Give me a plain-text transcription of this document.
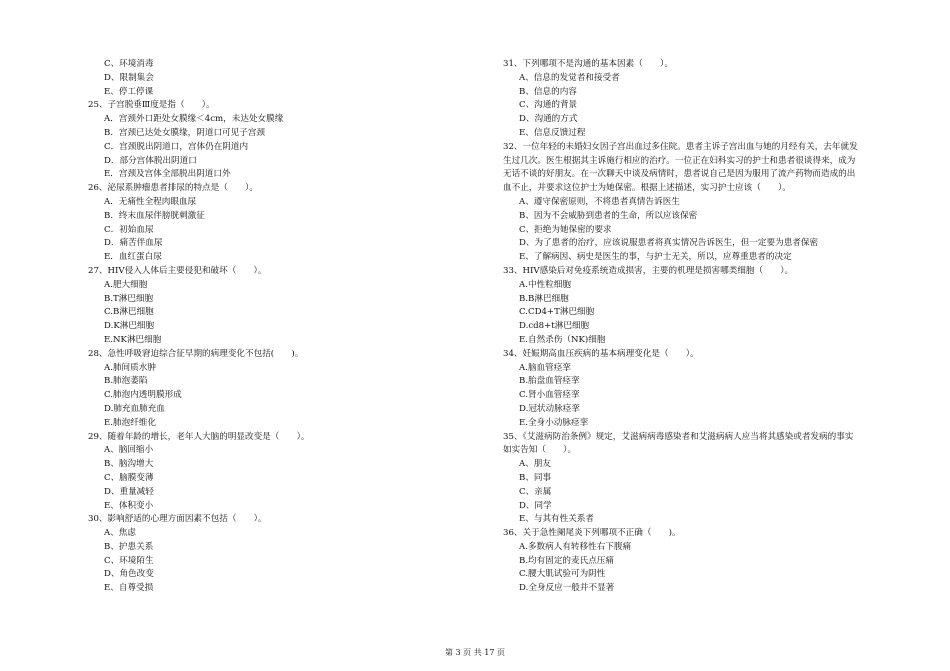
C、环境消毒
D、限制集会
E、停工停课
25、子宫脱垂Ⅲ度是指（　　）。
A．宫颈外口距处女膜缘＜4cm，未达处女膜缘
B．宫颈已达处女膜缘，阴道口可见子宫颈
C．宫颈脱出阴道口，宫体仍在阴道内
D．部分宫体脱出阴道口
E．宫颈及宫体全部脱出阴道口外
26、泌尿系肿瘤患者排尿的特点是（　　）。
A．无痛性全程肉眼血尿
B．终末血尿伴膀胱刺激征
C．初始血尿
D．痛苦伴血尿
E．血红蛋白尿
27、HIV侵入人体后主要侵犯和破坏（　　）。
A.肥大细胞
B.T淋巴细胞
C.B淋巴细胞
D.K淋巴细胞
E.NK淋巴细胞
28、急性呼吸窘迫综合征早期的病理变化不包括(　　)。
A.肺间质水肿
B.肺泡萎陷
C.肺泡内透明膜形成
D.肺充血肺充血
E.肺泡纤维化
29、随着年龄的增长，老年人大脑的明显改变是（　　）。
A、脑回缩小
B、脑沟增大
C、脑膜变薄
D、重量减轻
E、体积变小
30、影响舒适的心理方面因素不包括（　　）。
A、焦虑
B、护患关系
C、环境陌生
D、角色改变
E、自尊受损
31、下列哪项不是沟通的基本因素（　　）。
A、信息的发觉者和接受者
B、信息的内容
C、沟通的背景
D、沟通的方式
E、信息反馈过程
32、一位年轻的未婚妇女因子宫出血过多住院。患者主诉子宫出血与她的月经有关，去年就发
生过几次。医生根据其主诉施行相应的治疗。一位正在妇科实习的护士和患者很谈得来，成为
无话不谈的好朋友。在一次聊天中谈及病情时，患者说自己是因为服用了流产药物而造成的出
血不止，并要求这位护士为她保密。根据上述描述，实习护士应该（　　）。
A、遵守保密原则，不将患者真情告诉医生
B、因为不会威胁到患者的生命，所以应该保密
C、拒绝为她保密的要求
D、为了患者的治疗，应该说服患者将真实情况告诉医生，但一定要为患者保密
E、了解病因、病史是医生的事，与护士无关，所以，应尊重患者的决定
33、HIV感染后对免疫系统造成损害，主要的机理是损害哪类细胞（　　）。
A.中性粒细胞
B.B淋巴细胞
C.CD4+T淋巴细胞
D.cd8+t淋巴细胞
E.自然杀伤（NK)细胞
34、妊娠期高血压疾病的基本病理变化是（　　）。
A.脑血管痉挛
B.胎盘血管痉挛
C.肾小血管痉挛
D.冠状动脉痉挛
E.全身小动脉痉挛
35、《艾滋病防治条例》规定，艾滋病病毒感染者和艾滋病病人应当将其感染或者发病的事实
如实告知（　　）。
A、朋友
B、同事
C、亲属
D、同学
E、与其有性关系者
36、关于急性阑尾炎下列哪项不正确（　　)。
A.多数病人有转移性右下腹痛
B.均有固定的麦氏点压痛
C.腰大肌试验可为阴性
D.全身反应一般并不显著
第 3 页 共 17 页
